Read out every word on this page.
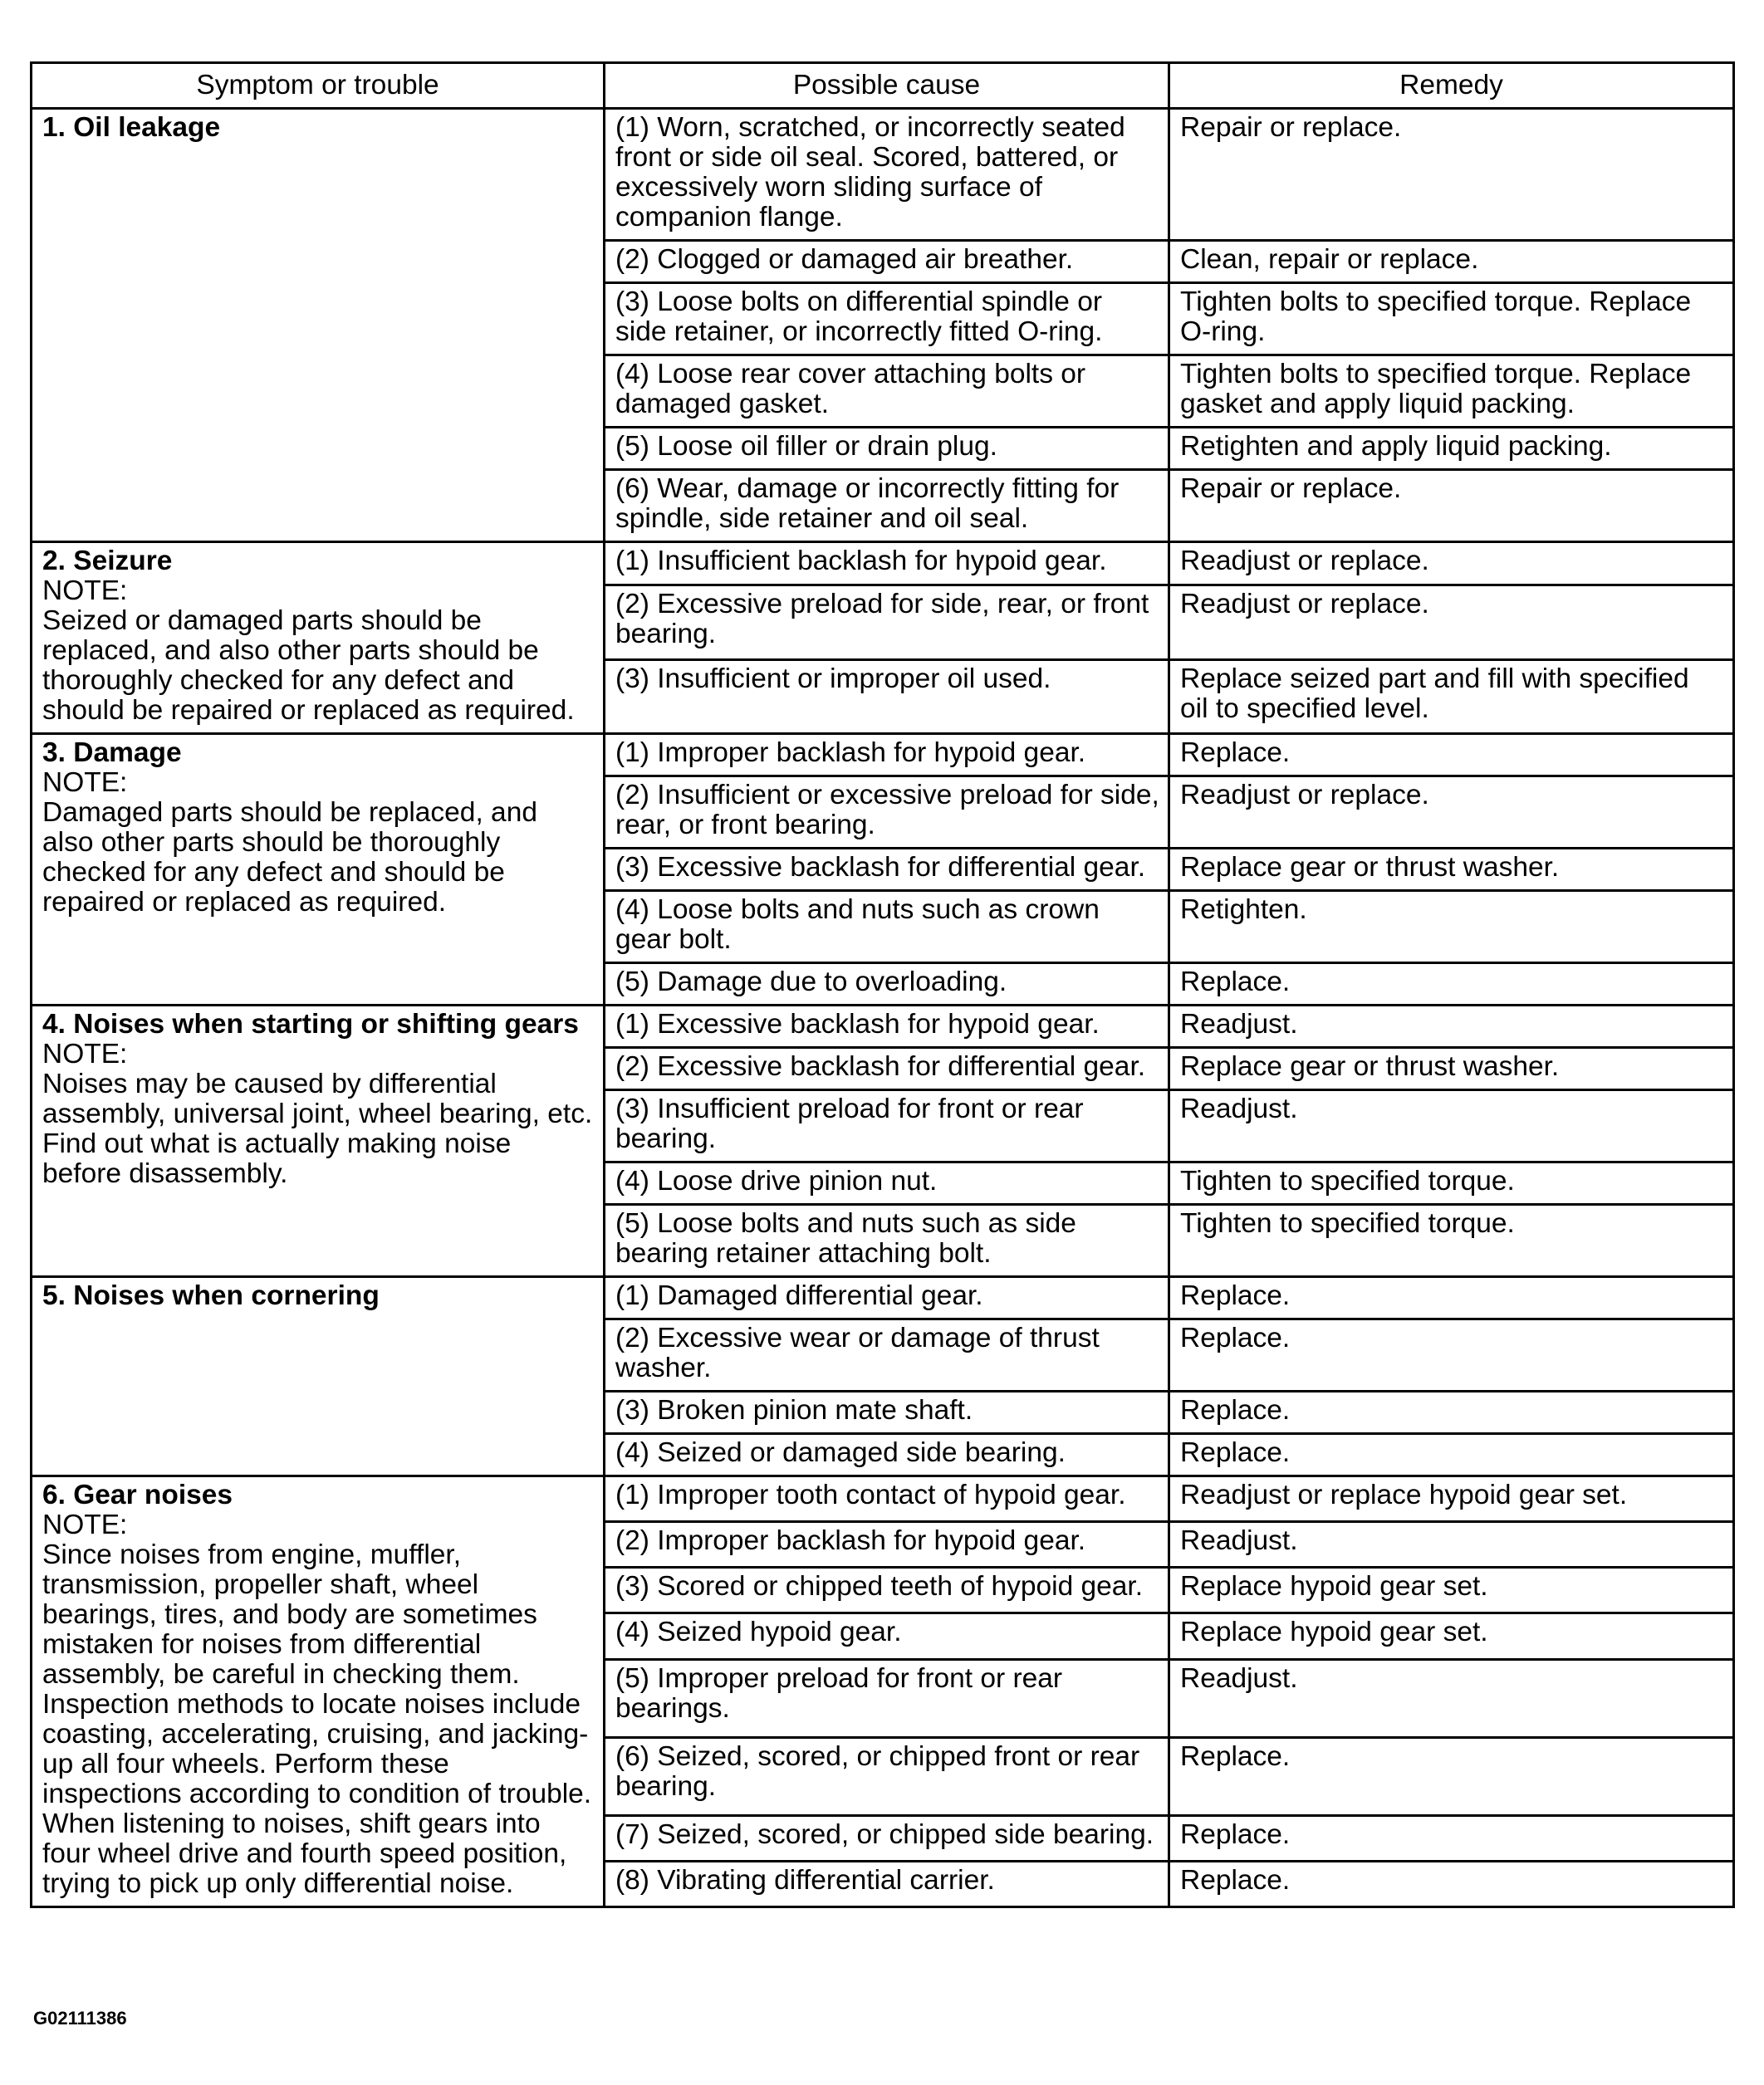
Symptom or trouble	Possible cause	Remedy

1. Oil leakage	(1) Worn, scratched, or incorrectly seated front or side oil seal. Scored, battered, or excessively worn sliding surface of companion flange.	Repair or replace.
	(2) Clogged or damaged air breather.	Clean, repair or replace.
	(3) Loose bolts on differential spindle or side retainer, or incorrectly fitted O-ring.	Tighten bolts to specified torque. Replace O-ring.
	(4) Loose rear cover attaching bolts or damaged gasket.	Tighten bolts to specified torque. Replace gasket and apply liquid packing.
	(5) Loose oil filler or drain plug.	Retighten and apply liquid packing.
	(6) Wear, damage or incorrectly fitting for spindle, side retainer and oil seal.	Repair or replace.

2. Seizure
NOTE:
Seized or damaged parts should be replaced, and also other parts should be thoroughly checked for any defect and should be repaired or replaced as required.	(1) Insufficient backlash for hypoid gear.	Readjust or replace.
	(2) Excessive preload for side, rear, or front bearing.	Readjust or replace.
	(3) Insufficient or improper oil used.	Replace seized part and fill with specified oil to specified level.

3. Damage
NOTE:
Damaged parts should be replaced, and also other parts should be thoroughly checked for any defect and should be repaired or replaced as required.	(1) Improper backlash for hypoid gear.	Replace.
	(2) Insufficient or excessive preload for side, rear, or front bearing.	Readjust or replace.
	(3) Excessive backlash for differential gear.	Replace gear or thrust washer.
	(4) Loose bolts and nuts such as crown gear bolt.	Retighten.
	(5) Damage due to overloading.	Replace.

4. Noises when starting or shifting gears
NOTE:
Noises may be caused by differential assembly, universal joint, wheel bearing, etc. Find out what is actually making noise before disassembly.	(1) Excessive backlash for hypoid gear.	Readjust.
	(2) Excessive backlash for differential gear.	Replace gear or thrust washer.
	(3) Insufficient preload for front or rear bearing.	Readjust.
	(4) Loose drive pinion nut.	Tighten to specified torque.
	(5) Loose bolts and nuts such as side bearing retainer attaching bolt.	Tighten to specified torque.

5. Noises when cornering	(1) Damaged differential gear.	Replace.
	(2) Excessive wear or damage of thrust washer.	Replace.
	(3) Broken pinion mate shaft.	Replace.
	(4) Seized or damaged side bearing.	Replace.

6. Gear noises
NOTE:
Since noises from engine, muffler, transmission, propeller shaft, wheel bearings, tires, and body are sometimes mistaken for noises from differential assembly, be careful in checking them. Inspection methods to locate noises include coasting, accelerating, cruising, and jacking-up all four wheels. Perform these inspections according to condition of trouble. When listening to noises, shift gears into four wheel drive and fourth speed position, trying to pick up only differential noise.	(1) Improper tooth contact of hypoid gear.	Readjust or replace hypoid gear set.
	(2) Improper backlash for hypoid gear.	Readjust.
	(3) Scored or chipped teeth of hypoid gear.	Replace hypoid gear set.
	(4) Seized hypoid gear.	Replace hypoid gear set.
	(5) Improper preload for front or rear bearings.	Readjust.
	(6) Seized, scored, or chipped front or rear bearing.	Replace.
	(7) Seized, scored, or chipped side bearing.	Replace.
	(8) Vibrating differential carrier.	Replace.
G02111386
